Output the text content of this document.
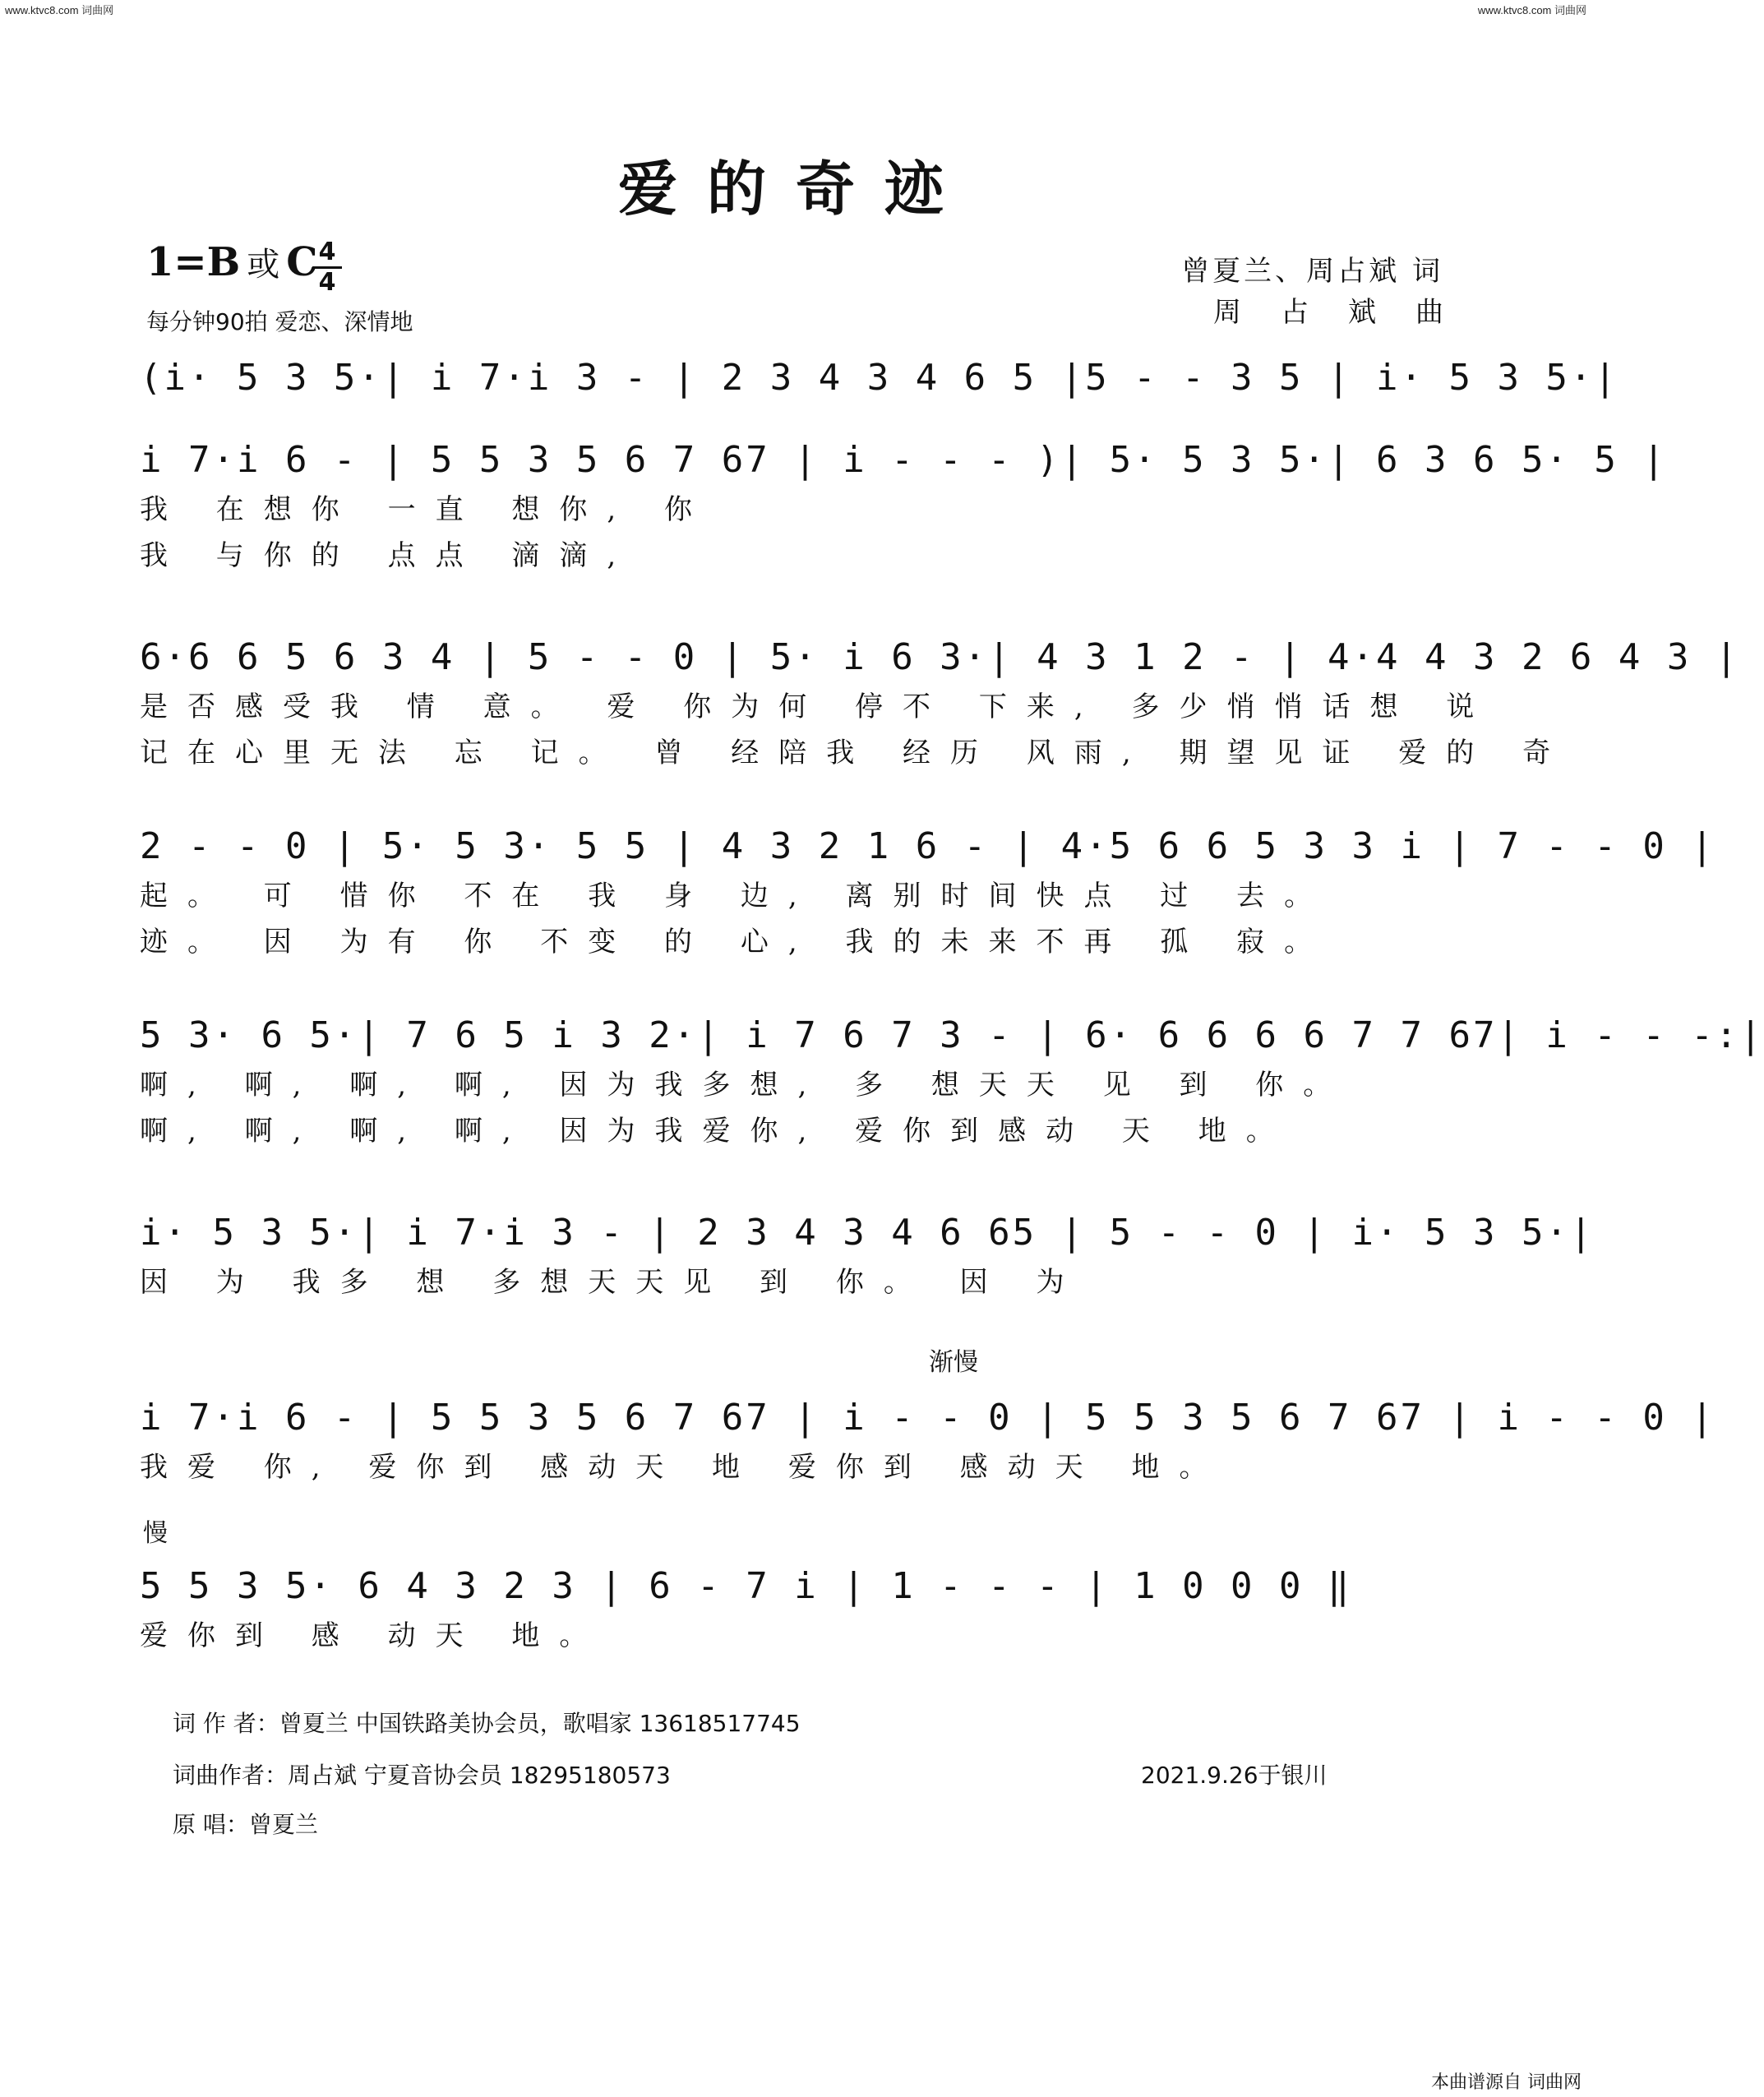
www.ktvc8.com 词曲网	www.ktvc8.com 词曲网
爱的奇迹
1=B 或 C 4
4
每分钟90拍 爱恋、深情地
曾夏兰、周占斌 词
周占斌曲
(i· 5 3 5·| i 7·i 3 - | 2 3 4 3 4 6 5 |5 - - 3 5 | i· 5 3 5·|
i 7·i 6 - | 5 5 3 5 6 7 67 | i - - - )| 5· 5 3 5·| 6 3 6 5· 5 |
我 在想你 一直 想你, 你
我 与你的 点点 滴滴,
6·6 6 5 6 3 4 | 5 - - 0 | 5· i 6 3·| 4 3 1 2 - | 4·4 4 3 2 6 4 3 |
是否感受我 情 意。 爱 你为何 停不 下来, 多少悄悄话想 说
记在心里无法 忘 记。 曾 经陪我 经历 风雨, 期望见证 爱的 奇
2 - - 0 | 5· 5 3· 5 5 | 4 3 2 1 6 - | 4·5 6 6 5 3 3 i | 7 - - 0 |
起。 可 惜你 不在 我 身 边, 离别时间快点 过 去。
迹。 因 为有 你 不变 的 心, 我的未来不再 孤 寂。
5 3· 6 5·| 7 6 5 i 3 2·| i 7 6 7 3 - | 6· 6 6 6 6 7 7 67| i - - -:|
啊, 啊, 啊, 啊, 因为我多想, 多 想天天 见 到 你。
啊, 啊, 啊, 啊, 因为我爱你, 爱你到感动 天 地。
i· 5 3 5·| i 7·i 3 - | 2 3 4 3 4 6 65 | 5 - - 0 | i· 5 3 5·|
因 为 我多 想 多想天天见 到 你。 因 为
渐慢
i 7·i 6 - | 5 5 3 5 6 7 67 | i - - 0 | 5 5 3 5 6 7 67 | i - - 0 |
我爱 你, 爱你到 感动天 地 爱你到 感动天 地。
慢
5 5 3 5· 6 4 3 2 3 | 6 - 7 i | 1 - - - | 1 0 0 0 ‖
爱你到 感 动天 地。
词 作 者：曾夏兰 中国铁路美协会员，歌唱家 13618517745
词曲作者：周占斌 宁夏音协会员 18295180573
原 唱：曾夏兰
2021.9.26于银川
本曲谱源自 词曲网
